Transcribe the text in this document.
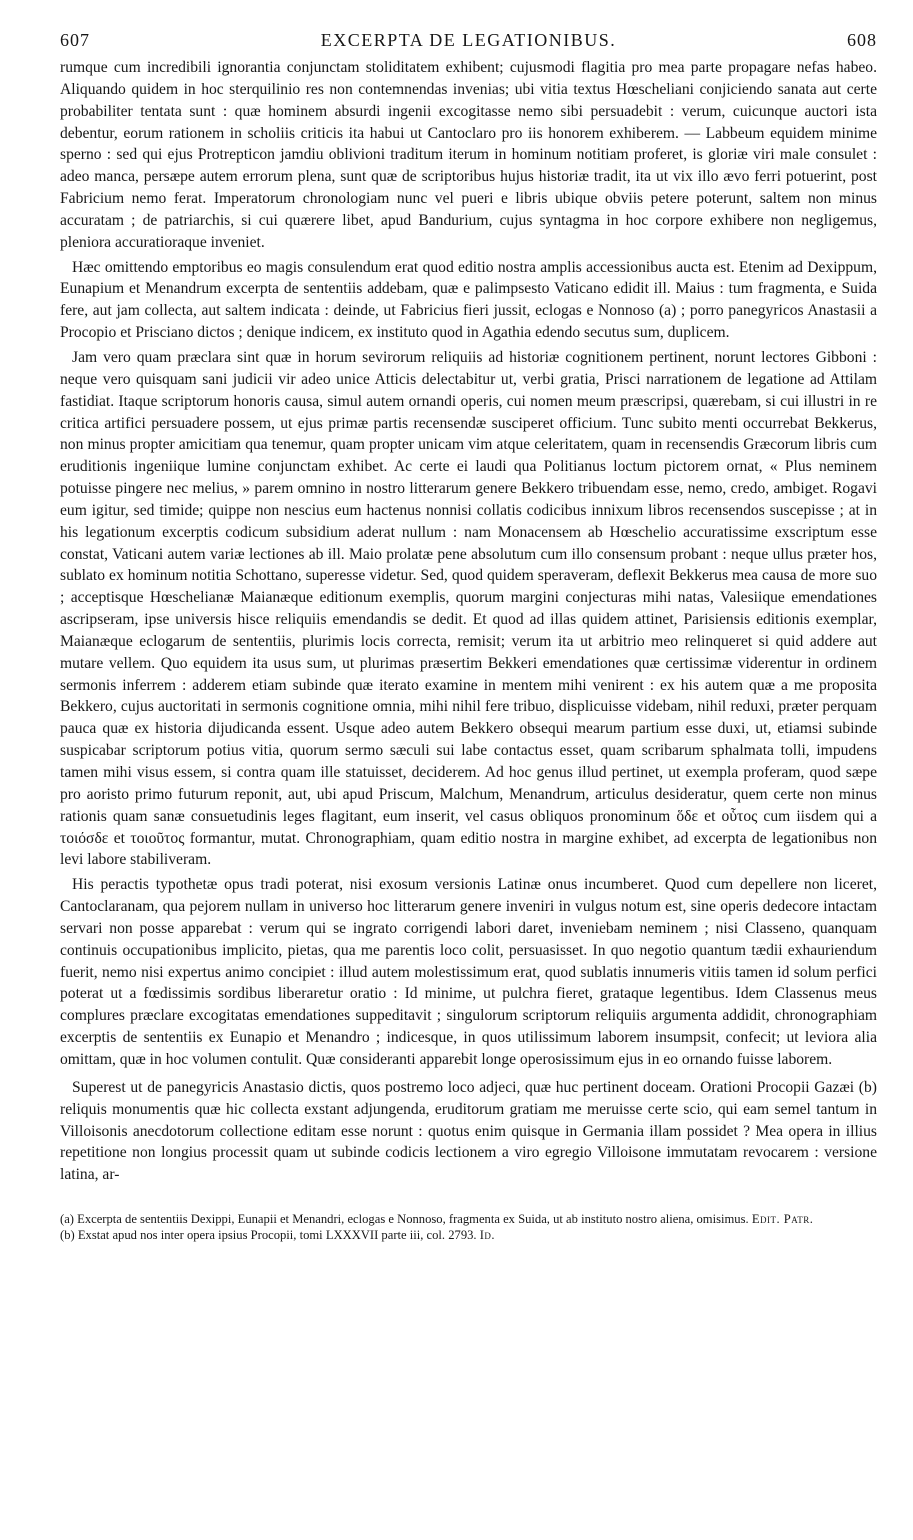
607	EXCERPTA DE LEGATIONIBUS.	608

rumque cum incredibili ignorantia conjunctam stoliditatem exhibent; cujusmodi flagitia pro mea parte propagare nefas habeo. Aliquando quidem in hoc sterquilinio res non contemnendas invenias; ubi vitia textus Hœscheliani conjiciendo sanata aut certe probabiliter tentata sunt : quæ hominem absurdi ingenii excogitasse nemo sibi persuadebit : verum, cuicunque auctori ista debentur, eorum rationem in scholiis criticis ita habui ut Cantoclaro pro iis honorem exhiberem. — Labbeum equidem minime sperno : sed qui ejus Protrepticon jamdiu oblivioni traditum iterum in hominum notitiam proferet, is gloriæ viri male consulet : adeo manca, persæpe autem errorum plena, sunt quæ de scriptoribus hujus historiæ tradit, ita ut vix illo ævo ferri potuerint, post Fabricium nemo ferat. Imperatorum chronologiam nunc vel pueri e libris ubique obviis petere poterunt, saltem non minus accuratam ; de patriarchis, si cui quærere libet, apud Bandurium, cujus syntagma in hoc corpore exhibere non negligemus, pleniora accuratioraque inveniet.

Hæc omittendo emptoribus eo magis consulendum erat quod editio nostra amplis accessionibus aucta est. Etenim ad Dexippum, Eunapium et Menandrum excerpta de sententiis addebam, quæ e palimpsesto Vaticano edidit ill. Maius : tum fragmenta, e Suida fere, aut jam collecta, aut saltem indicata : deinde, ut Fabricius fieri jussit, eclogas e Nonnoso (a) ; porro panegyricos Anastasii a Procopio et Prisciano dictos ; denique indicem, ex instituto quod in Agathia edendo secutus sum, duplicem.

Jam vero quam præclara sint quæ in horum sevirorum reliquiis ad historiæ cognitionem pertinent, norunt lectores Gibboni : neque vero quisquam sani judicii vir adeo unice Atticis delectabitur ut, verbi gratia, Prisci narrationem de legatione ad Attilam fastidiat. Itaque scriptorum honoris causa, simul autem ornandi operis, cui nomen meum præscripsi, quærebam, si cui illustri in re critica artifici persuadere possem, ut ejus primæ partis recensendæ susciperet officium. Tunc subito menti occurrebat Bekkerus, non minus propter amicitiam qua tenemur, quam propter unicam vim atque celeritatem, quam in recensendis Græcorum libris cum eruditionis ingeniique lumine conjunctam exhibet. Ac certe ei laudi qua Politianus loctum pictorem ornat, « Plus neminem potuisse pingere nec melius, » parem omnino in nostro litterarum genere Bekkero tribuendam esse, nemo, credo, ambiget. Rogavi eum igitur, sed timide; quippe non nescius eum hactenus nonnisi collatis codicibus innixum libros recensendos suscepisse ; at in his legationum excerptis codicum subsidium aderat nullum : nam Monacensem ab Hœschelio accuratissime exscriptum esse constat, Vaticani autem variæ lectiones ab ill. Maio prolatæ pene absolutum cum illo consensum probant : neque ullus præter hos, sublato ex hominum notitia Schottano, superesse videtur. Sed, quod quidem speraveram, deflexit Bekkerus mea causa de more suo ; acceptisque Hœschelianæ Maianæque editionum exemplis, quorum margini conjecturas mihi natas, Valesiique emendationes ascripseram, ipse universis hisce reliquiis emendandis se dedit. Et quod ad illas quidem attinet, Parisiensis editionis exemplar, Maianæque eclogarum de sententiis, plurimis locis correcta, remisit; verum ita ut arbitrio meo relinqueret si quid addere aut mutare vellem. Quo equidem ita usus sum, ut plurimas præsertim Bekkeri emendationes quæ certissimæ viderentur in ordinem sermonis inferrem : adderem etiam subinde quæ iterato examine in mentem mihi venirent : ex his autem quæ a me proposita Bekkero, cujus auctoritati in sermonis cognitione omnia, mihi nihil fere tribuo, displicuisse videbam, nihil reduxi, præter perquam pauca quæ ex historia dijudicanda essent. Usque adeo autem Bekkero obsequi mearum partium esse duxi, ut, etiamsi subinde suspicabar scriptorum potius vitia, quorum sermo sæculi sui labe contactus esset, quam scribarum sphalmata tolli, impudens tamen mihi visus essem, si contra quam ille statuisset, deciderem. Ad hoc genus illud pertinet, ut exempla proferam, quod sæpe pro aoristo primo futurum reponit, aut, ubi apud Priscum, Malchum, Menandrum, articulus desideratur, quem certe non minus rationis quam sanæ consuetudinis leges flagitant, eum inserit, vel casus obliquos pronominum ὅδε et οὗτος cum iisdem qui a τοιόσδε et τοιοῦτος formantur, mutat. Chronographiam, quam editio nostra in margine exhibet, ad excerpta de legationibus non levi labore stabiliveram.

His peractis typothetæ opus tradi poterat, nisi exosum versionis Latinæ onus incumberet. Quod cum depellere non liceret, Cantoclaranam, qua pejorem nullam in universo hoc litterarum genere inveniri in vulgus notum est, sine operis dedecore intactam servari non posse apparebat : verum qui se ingrato corrigendi labori daret, inveniebam neminem ; nisi Classeno, quanquam continuis occupationibus implicito, pietas, qua me parentis loco colit, persuasisset. In quo negotio quantum tædii exhauriendum fuerit, nemo nisi expertus animo concipiet : illud autem molestissimum erat, quod sublatis innumeris vitiis tamen id solum perfici poterat ut a fœdissimis sordibus liberaretur oratio : Id minime, ut pulchra fieret, grataque legentibus. Idem Classenus meus complures præclare excogitatas emendationes suppeditavit ; singulorum scriptorum reliquiis argumenta addidit, chronographiam excerptis de sententiis ex Eunapio et Menandro ; indicesque, in quos utilissimum laborem insumpsit, confecit; ut leviora alia omittam, quæ in hoc volumen contulit. Quæ consideranti apparebit longe operosissimum ejus in eo ornando fuisse laborem.

Superest ut de panegyricis Anastasio dictis, quos postremo loco adjeci, quæ huc pertinent doceam. Orationi Procopii Gazæi (b) reliquis monumentis quæ hic collecta exstant adjungenda, eruditorum gratiam me meruisse certe scio, qui eam semel tantum in Villoisonis anecdotorum collectione editam esse norunt : quotus enim quisque in Germania illam possidet ? Mea opera in illius repetitione non longius processit quam ut subinde codicis lectionem a viro egregio Villoisone immutatam revocarem : versione latina, ar-

(a) Excerpta de sententiis Dexippi, Eunapii et Menandri, eclogas e Nonnoso, fragmenta ex Suida, ut ab instituto nostro aliena, omisimus. Edit. Patr.

(b) Exstat apud nos inter opera ipsius Procopii, tomi LXXXVII parte iii, col. 2793. Id.
